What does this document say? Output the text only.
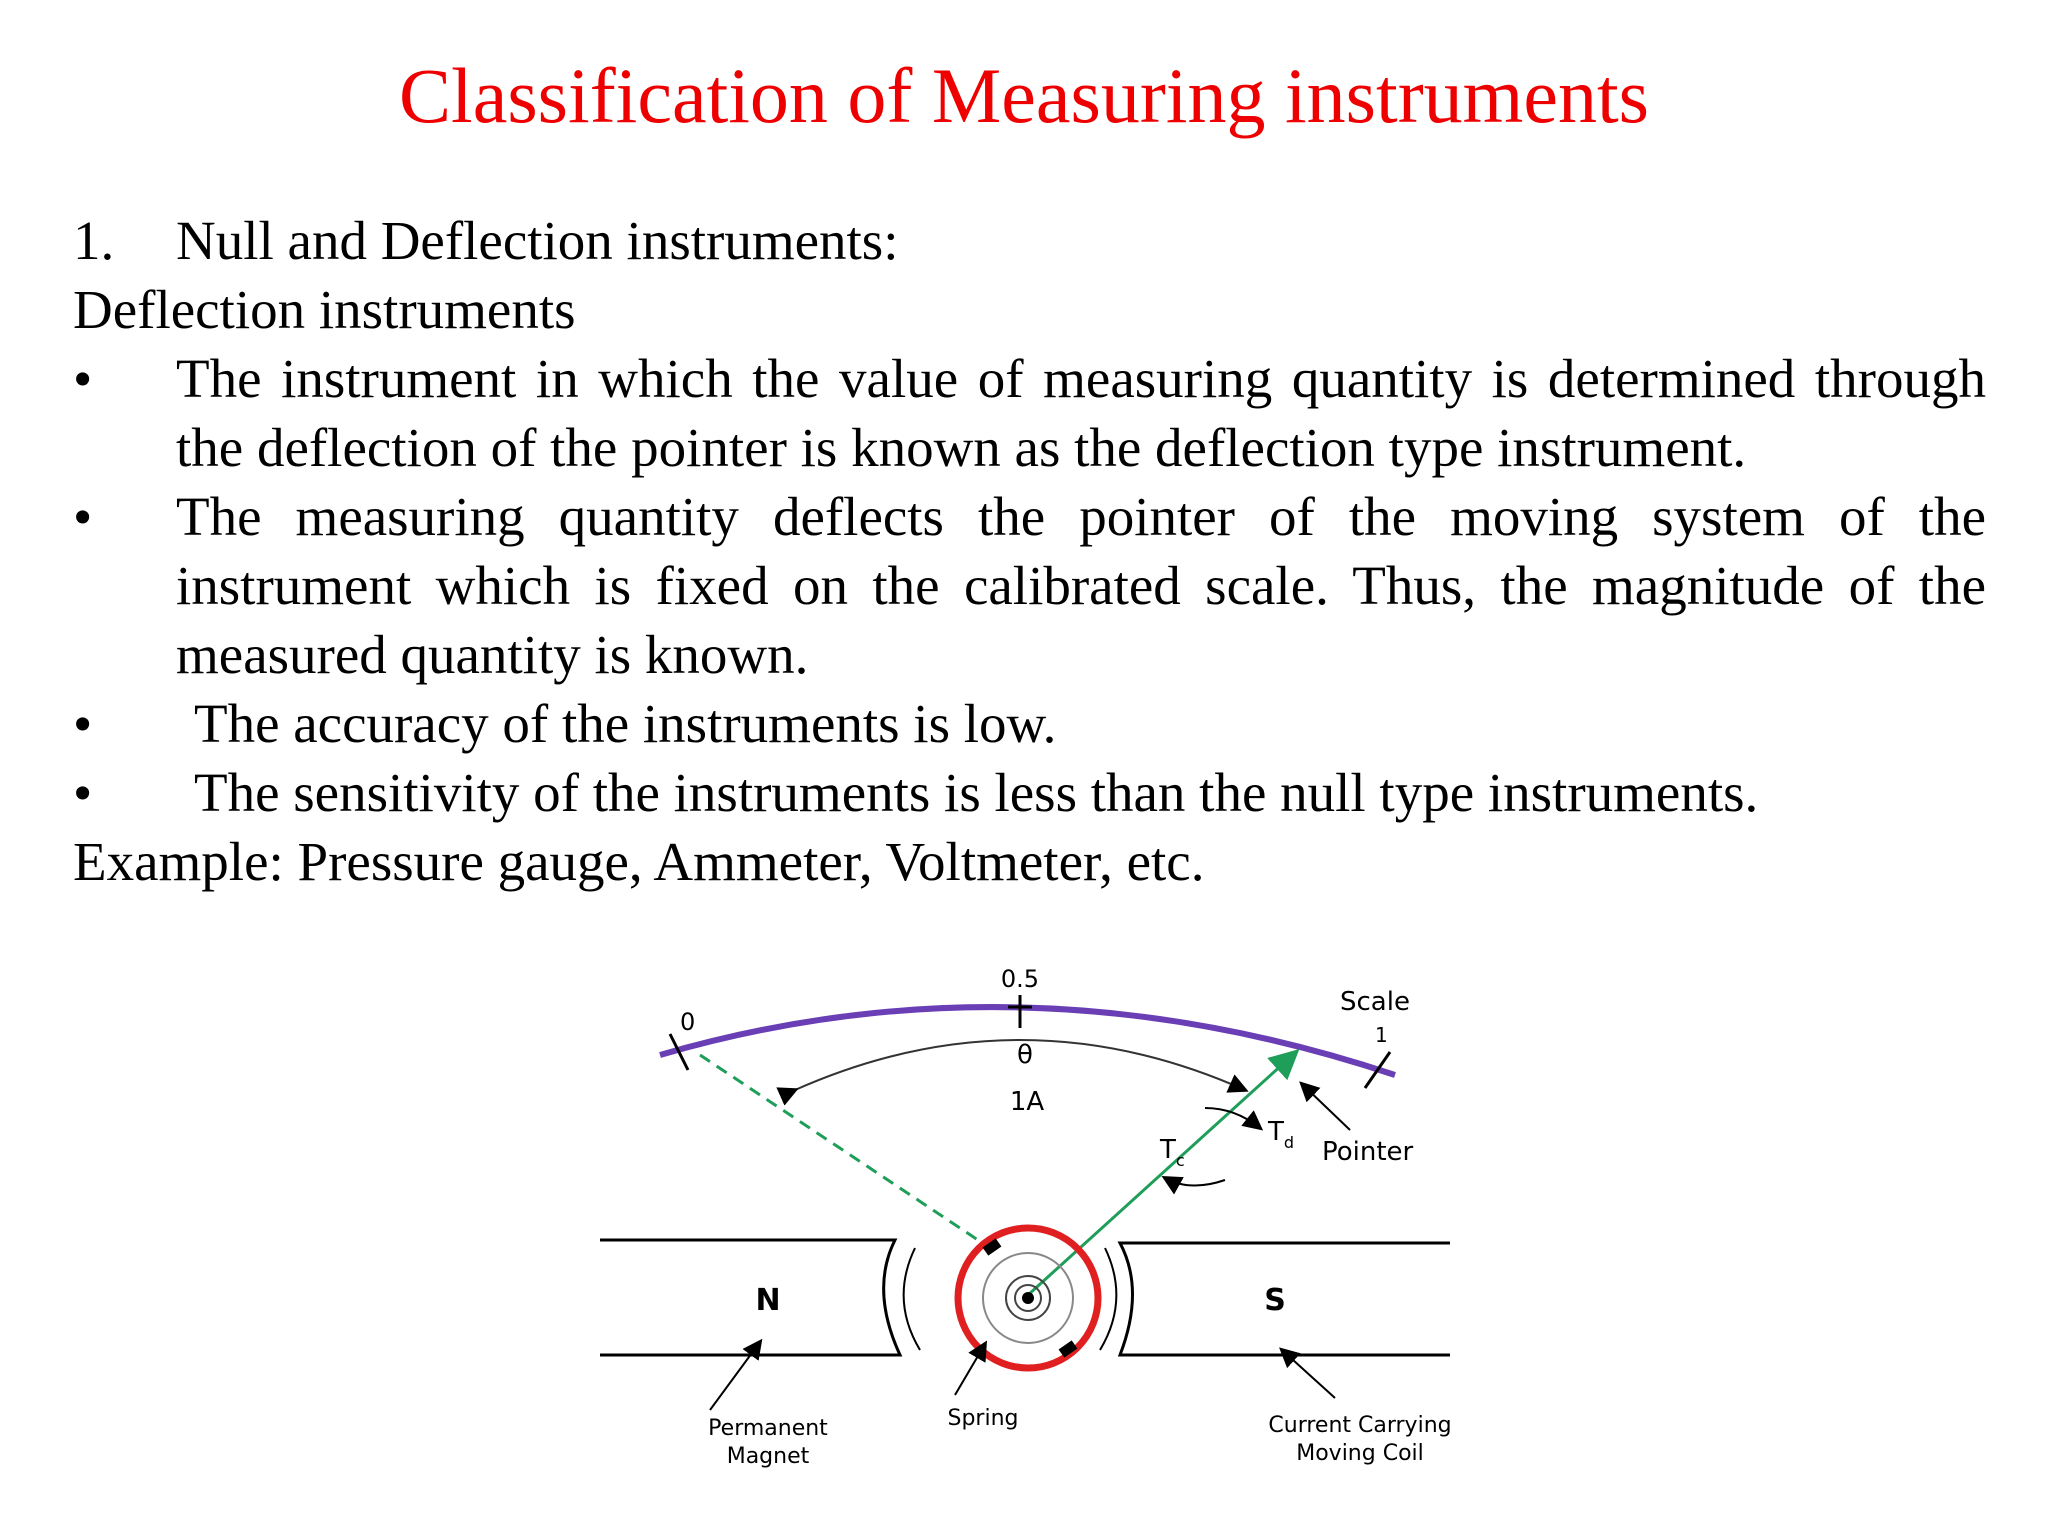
Classification of Measuring instruments
1.	Null and Deflection instruments:
Deflection instruments
•	The instrument in which the value of measuring quantity is determined through the deflection of the pointer is known as the deflection type instrument.
•	The measuring quantity deflects the pointer of the moving system of the instrument which is fixed on the calibrated scale. Thus, the magnitude of the measured quantity is known.
•	The accuracy of the instruments is low.
•	The sensitivity of the instruments is less than the null type instruments.
Example: Pressure gauge, Ammeter, Voltmeter, etc.
0
0.5
1
Scale
θ
1A
$T_c$
$T_d$ Pointer
N	S
Permanent
Magnet
Spring	Current Carrying
Moving Coil
